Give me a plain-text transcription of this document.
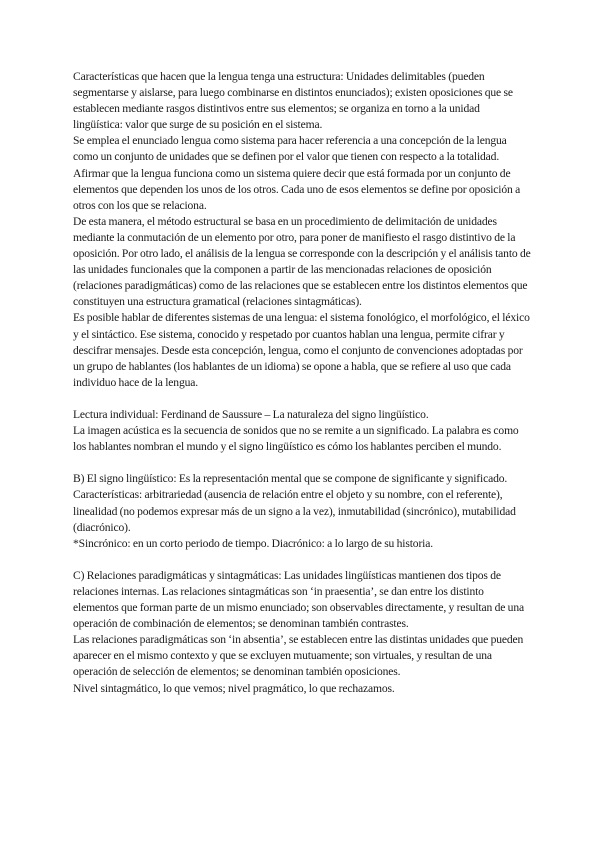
Características que hacen que la lengua tenga una estructura: Unidades delimitables (pueden segmentarse y aislarse, para luego combinarse en distintos enunciados); existen oposiciones que se establecen mediante rasgos distintivos entre sus elementos; se organiza en torno a la unidad lingüística: valor que surge de su posición en el sistema.

Se emplea el enunciado lengua como sistema para hacer referencia a una concepción de la lengua como un conjunto de unidades que se definen por el valor que tienen con respecto a la totalidad.

Afirmar que la lengua funciona como un sistema quiere decir que está formada por un conjunto de elementos que dependen los unos de los otros. Cada uno de esos elementos se define por oposición a otros con los que se relaciona.

De esta manera, el método estructural se basa en un procedimiento de delimitación de unidades mediante la conmutación de un elemento por otro, para poner de manifiesto el rasgo distintivo de la oposición. Por otro lado, el análisis de la lengua se corresponde con la descripción y el análisis tanto de las unidades funcionales que la componen a partir de las mencionadas relaciones de oposición (relaciones paradigmáticas) como de las relaciones que se establecen entre los distintos elementos que constituyen una estructura gramatical (relaciones sintagmáticas).

Es posible hablar de diferentes sistemas de una lengua: el sistema fonológico, el morfológico, el léxico y el sintáctico. Ese sistema, conocido y respetado por cuantos hablan una lengua, permite cifrar y descifrar mensajes. Desde esta concepción, lengua, como el conjunto de convenciones adoptadas por un grupo de hablantes (los hablantes de un idioma) se opone a habla, que se refiere al uso que cada individuo hace de la lengua.

Lectura individual: Ferdinand de Saussure – La naturaleza del signo lingüístico.

La imagen acústica es la secuencia de sonidos que no se remite a un significado. La palabra es como los hablantes nombran el mundo y el signo lingüístico es cómo los hablantes perciben el mundo.

B) El signo lingüístico: Es la representación mental que se compone de significante y significado. Características: arbitrariedad (ausencia de relación entre el objeto y su nombre, con el referente), linealidad (no podemos expresar más de un signo a la vez), inmutabilidad (sincrónico), mutabilidad (diacrónico).

*Sincrónico: en un corto periodo de tiempo. Diacrónico: a lo largo de su historia.

C) Relaciones paradigmáticas y sintagmáticas: Las unidades lingüísticas mantienen dos tipos de relaciones internas. Las relaciones sintagmáticas son ‘in praesentia’, se dan entre los distinto elementos que forman parte de un mismo enunciado; son observables directamente, y resultan de una operación de combinación de elementos; se denominan también contrastes.

Las relaciones paradigmáticas son ‘in absentia’, se establecen entre las distintas unidades que pueden aparecer en el mismo contexto y que se excluyen mutuamente; son virtuales, y resultan de una operación de selección de elementos; se denominan también oposiciones.

Nivel sintagmático, lo que vemos; nivel pragmático, lo que rechazamos.
